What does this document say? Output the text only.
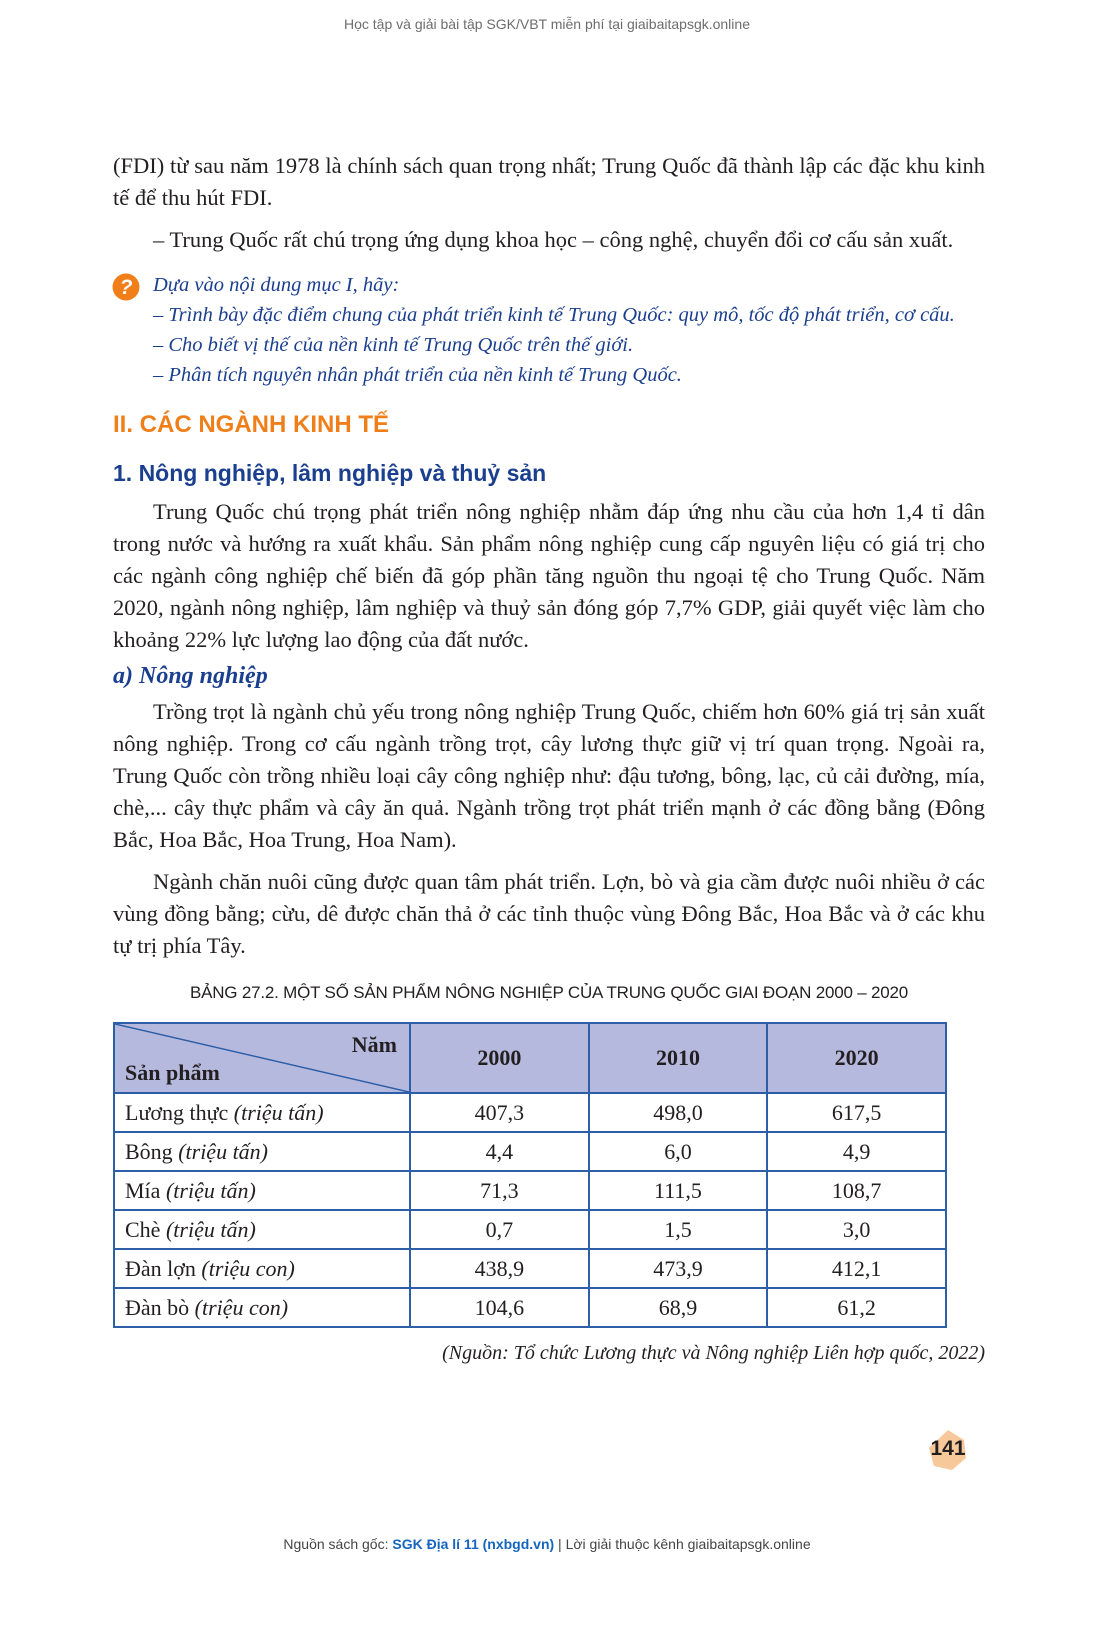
Học tập và giải bài tập SGK/VBT miễn phí tại giaibaitapsgk.online

(FDI) từ sau năm 1978 là chính sách quan trọng nhất; Trung Quốc đã thành lập các đặc khu kinh tế để thu hút FDI.

– Trung Quốc rất chú trọng ứng dụng khoa học – công nghệ, chuyển đổi cơ cấu sản xuất.

? Dựa vào nội dung mục I, hãy:
– Trình bày đặc điểm chung của phát triển kinh tế Trung Quốc: quy mô, tốc độ phát triển, cơ cấu.
– Cho biết vị thế của nền kinh tế Trung Quốc trên thế giới.
– Phân tích nguyên nhân phát triển của nền kinh tế Trung Quốc.
II. CÁC NGÀNH KINH TẾ
1. Nông nghiệp, lâm nghiệp và thuỷ sản

Trung Quốc chú trọng phát triển nông nghiệp nhằm đáp ứng nhu cầu của hơn 1,4 tỉ dân trong nước và hướng ra xuất khẩu. Sản phẩm nông nghiệp cung cấp nguyên liệu có giá trị cho các ngành công nghiệp chế biến đã góp phần tăng nguồn thu ngoại tệ cho Trung Quốc. Năm 2020, ngành nông nghiệp, lâm nghiệp và thuỷ sản đóng góp 7,7% GDP, giải quyết việc làm cho khoảng 22% lực lượng lao động của đất nước.

a) Nông nghiệp

Trồng trọt là ngành chủ yếu trong nông nghiệp Trung Quốc, chiếm hơn 60% giá trị sản xuất nông nghiệp. Trong cơ cấu ngành trồng trọt, cây lương thực giữ vị trí quan trọng. Ngoài ra, Trung Quốc còn trồng nhiều loại cây công nghiệp như: đậu tương, bông, lạc, củ cải đường, mía, chè,... cây thực phẩm và cây ăn quả. Ngành trồng trọt phát triển mạnh ở các đồng bằng (Đông Bắc, Hoa Bắc, Hoa Trung, Hoa Nam).

Ngành chăn nuôi cũng được quan tâm phát triển. Lợn, bò và gia cầm được nuôi nhiều ở các vùng đồng bằng; cừu, dê được chăn thả ở các tỉnh thuộc vùng Đông Bắc, Hoa Bắc và ở các khu tự trị phía Tây.

BẢNG 27.2. MỘT SỐ SẢN PHẨM NÔNG NGHIỆP CỦA TRUNG QUỐC GIAI ĐOẠN 2000 – 2020
Năm
Sản phẩm	2000	2010	2020
Lương thực (triệu tấn)	407,3	498,0	617,5
Bông (triệu tấn)	4,4	6,0	4,9
Mía (triệu tấn)	71,3	111,5	108,7
Chè (triệu tấn)	0,7	1,5	3,0
Đàn lợn (triệu con)	438,9	473,9	412,1
Đàn bò (triệu con)	104,6	68,9	61,2
(Nguồn: Tổ chức Lương thực và Nông nghiệp Liên hợp quốc, 2022)
141
Nguồn sách gốc: SGK Địa lí 11 (nxbgd.vn) | Lời giải thuộc kênh giaibaitapsgk.online
